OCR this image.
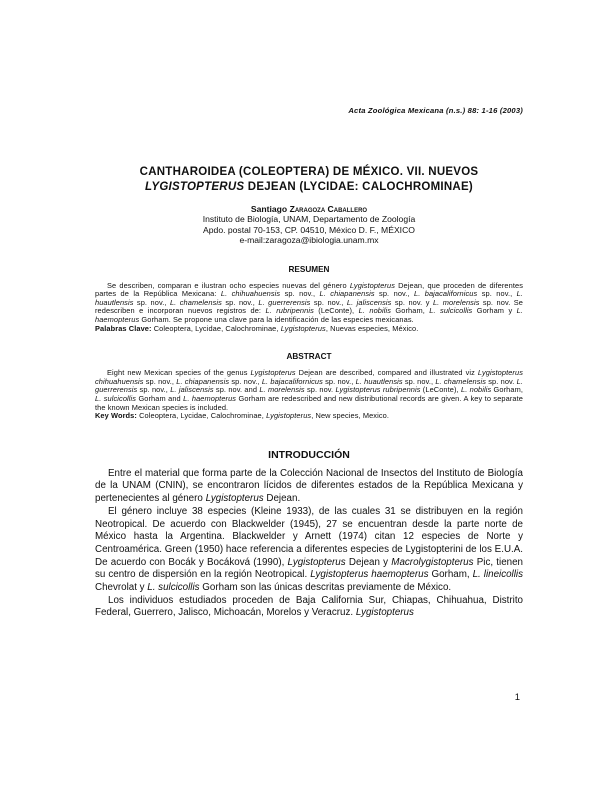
Acta Zoológica Mexicana (n.s.) 88: 1-16 (2003)
CANTHAROIDEA (COLEOPTERA) DE MÉXICO. VII. NUEVOS
LYGISTOPTERUS DEJEAN (LYCIDAE: CALOCHROMINAE)
Santiago Zaragoza Caballero
Instituto de Biología, UNAM, Departamento de Zoología
Apdo. postal 70-153, CP. 04510, México D. F., MÉXICO
e-mail:zaragoza@ibiologia.unam.mx
RESUMEN

Se describen, comparan e ilustran ocho especies nuevas del género Lygistopterus Dejean, que proceden de diferentes partes de la República Mexicana: L. chihuahuensis sp. nov., L. chiapanensis sp. nov., L. bajacalifornicus sp. nov., L. huautlensis sp. nov., L. chamelensis sp. nov., L. guerrerensis sp. nov., L. jaliscensis sp. nov. y L. morelensis sp. nov. Se redescriben e incorporan nuevos registros de: L. rubripennis (LeConte), L. nobilis Gorham, L. sulcicollis Gorham y L. haemopterus Gorham. Se propone una clave para la identificación de las especies mexicanas.

Palabras Clave: Coleoptera, Lycidae, Calochrominae, Lygistopterus, Nuevas especies, México.

ABSTRACT

Eight new Mexican species of the genus Lygistopterus Dejean are described, compared and illustrated viz Lygistopterus chihuahuensis sp. nov., L. chiapanensis sp. nov., L. bajacalifornicus sp. nov., L. huautlensis sp. nov., L. chamelensis sp. nov. L. guerrerensis sp. nov., L. jaliscensis sp. nov. and L. morelensis sp. nov. Lygistopterus rubripennis (LeConte), L. nobilis Gorham, L. sulcicollis Gorham and L. haemopterus Gorham are redescribed and new distributional records are given. A key to separate the known Mexican species is included.

Key Words: Coleoptera, Lycidae, Calochrominae, Lygistopterus, New species, Mexico.

INTRODUCCIÓN

Entre el material que forma parte de la Colección Nacional de Insectos del Instituto de Biología de la UNAM (CNIN), se encontraron lícidos de diferentes estados de la República Mexicana y pertenecientes al género Lygistopterus Dejean.

El género incluye 38 especies (Kleine 1933), de las cuales 31 se distribuyen en la región Neotropical. De acuerdo con Blackwelder (1945), 27 se encuentran desde la parte norte de México hasta la Argentina. Blackwelder y Arnett (1974) citan 12 especies de Norte y Centroamérica. Green (1950) hace referencia a diferentes especies de Lygistopterini de los E.U.A. De acuerdo con Bocák y Bocáková (1990), Lygistopterus Dejean y Macrolygistopterus Pic, tienen su centro de dispersión en la región Neotropical. Lygistopterus haemopterus Gorham, L. lineicollis Chevrolat y L. sulcicollis Gorham son las únicas descritas previamente de México.

Los individuos estudiados proceden de Baja California Sur, Chiapas, Chihuahua, Distrito Federal, Guerrero, Jalisco, Michoacán, Morelos y Veracruz. Lygistopterus

1
